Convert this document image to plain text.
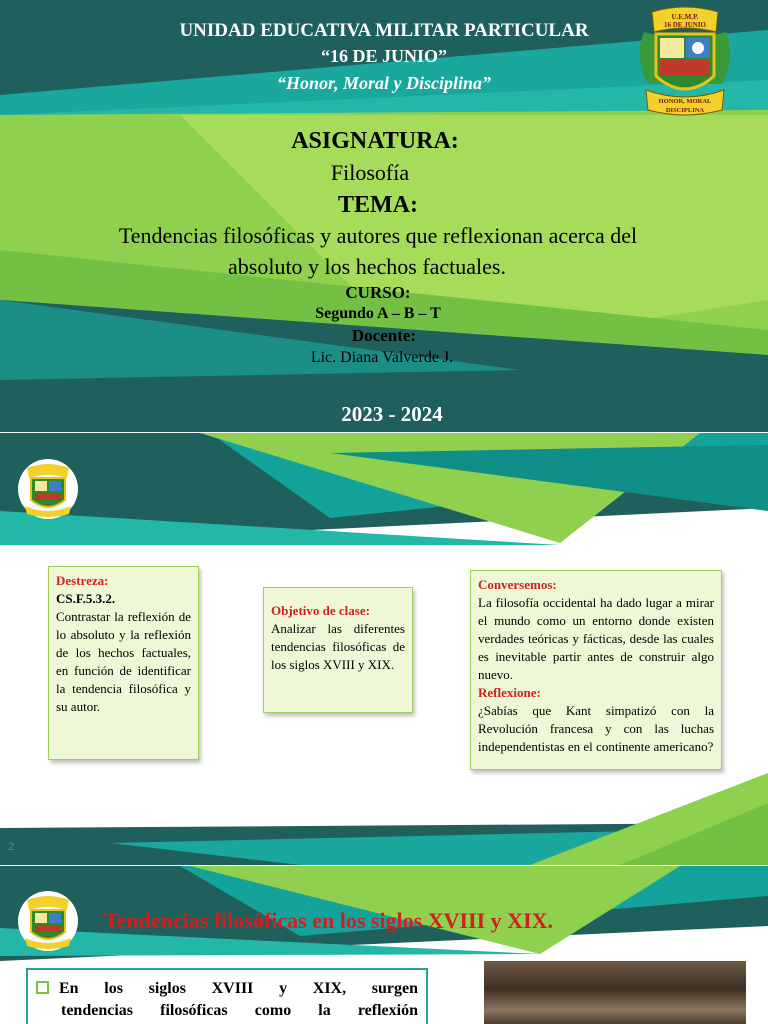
UNIDAD EDUCATIVA MILITAR PARTICULAR
“16 DE JUNIO”
“Honor, Moral y Disciplina”
ASIGNATURA:
Filosofía
TEMA:
Tendencias filosóficas y autores que reflexionan acerca del
absoluto y los hechos factuales.
CURSO:
Segundo A – B – T
Docente:
Lic. Diana Valverde J.
2023 - 2024
U.E.M.P.
16 DE JUNIO
HONOR, MORAL
DISCIPLINA
Destreza:
CS.F.5.3.2.
Contrastar la reflexión de lo absoluto y la reflexión de los hechos factuales, en función de identificar la tendencia filosófica y su autor.
Objetivo de clase:
Analizar las diferentes tendencias filosóficas de los siglos XVIII y XIX.
Conversemos:
La filosofía occidental ha dado lugar a mirar el mundo como un entorno donde existen verdades teóricas y fácticas, desde las cuales es inevitable partir antes de construir algo nuevo.
Reflexione:
¿Sabías que Kant simpatizó con la Revolución francesa y con las luchas independentistas en el continente americano?
2
Tendencias filosóficas en los siglos XVIII y XIX.
En los siglos XVIII y XIX, surgen
tendencias filosóficas como la reflexión
